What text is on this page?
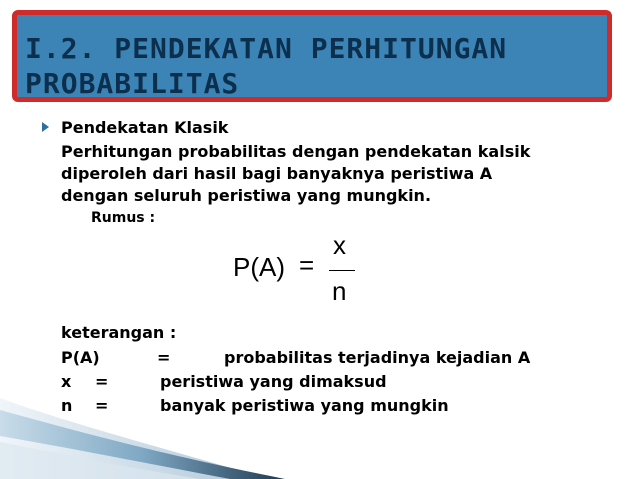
I.2. PENDEKATAN PERHITUNGAN
PROBABILITAS

Pendekatan Klasik

Perhitungan probabilitas dengan pendekatan kalsik
diperoleh dari hasil bagi banyaknya peristiwa A
dengan seluruh peristiwa yang mungkin.

Rumus :

P(A) =
x
n

keterangan :

P(A)	=	probabilitas terjadinya kejadian A
x =	peristiwa yang dimaksud
n =	banyak peristiwa yang mungkin
